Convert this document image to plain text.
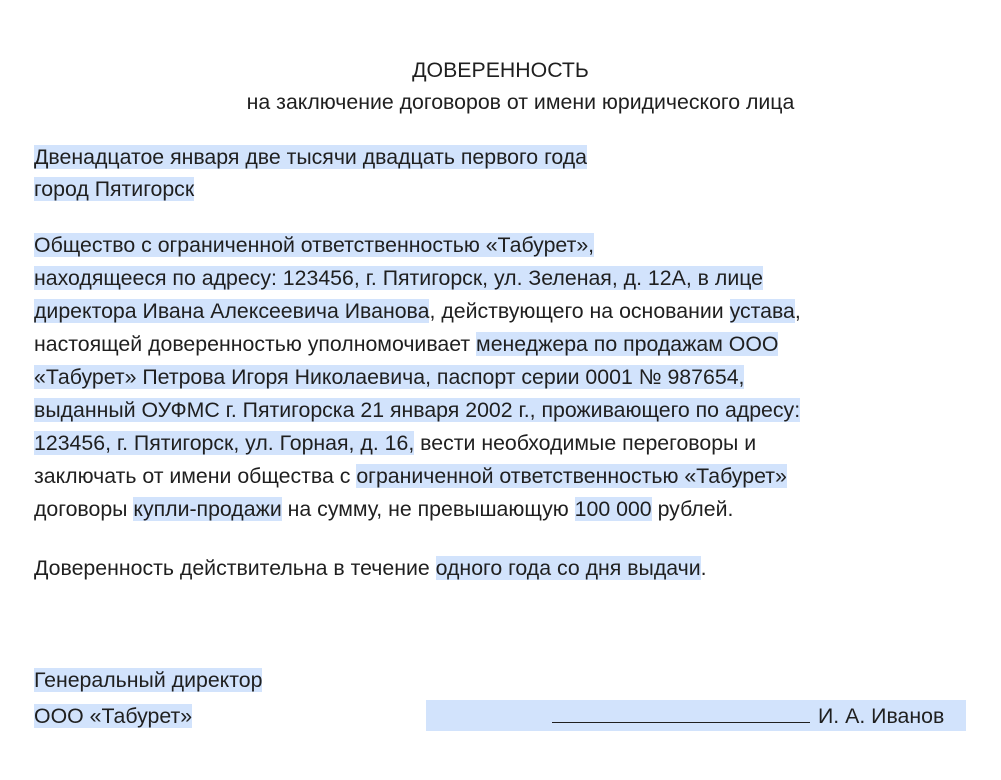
ДОВЕРЕННОСТЬ
на заключение договоров от имени юридического лица
Двенадцатое января две тысячи двадцать первого года
город Пятигорск
Общество с ограниченной ответственностью «Табурет»,
находящееся по адресу: 123456, г. Пятигорск, ул. Зеленая, д. 12А, в лице
директора Ивана Алексеевича Иванова, действующего на основании устава,
настоящей доверенностью уполномочивает менеджера по продажам ООО
«Табурет» Петрова Игоря Николаевича, паспорт серии 0001 № 987654,
выданный ОУФМС г. Пятигорска 21 января 2002 г., проживающего по адресу:
123456, г. Пятигорск, ул. Горная, д. 16, вести необходимые переговоры и
заключать от имени общества с ограниченной ответственностью «Табурет»
договоры купли-продажи на сумму, не превышающую 100 000 рублей.
Доверенность действительна в течение одного года со дня выдачи.
Генеральный директор
ООО «Табурет»	И. А. Иванов
